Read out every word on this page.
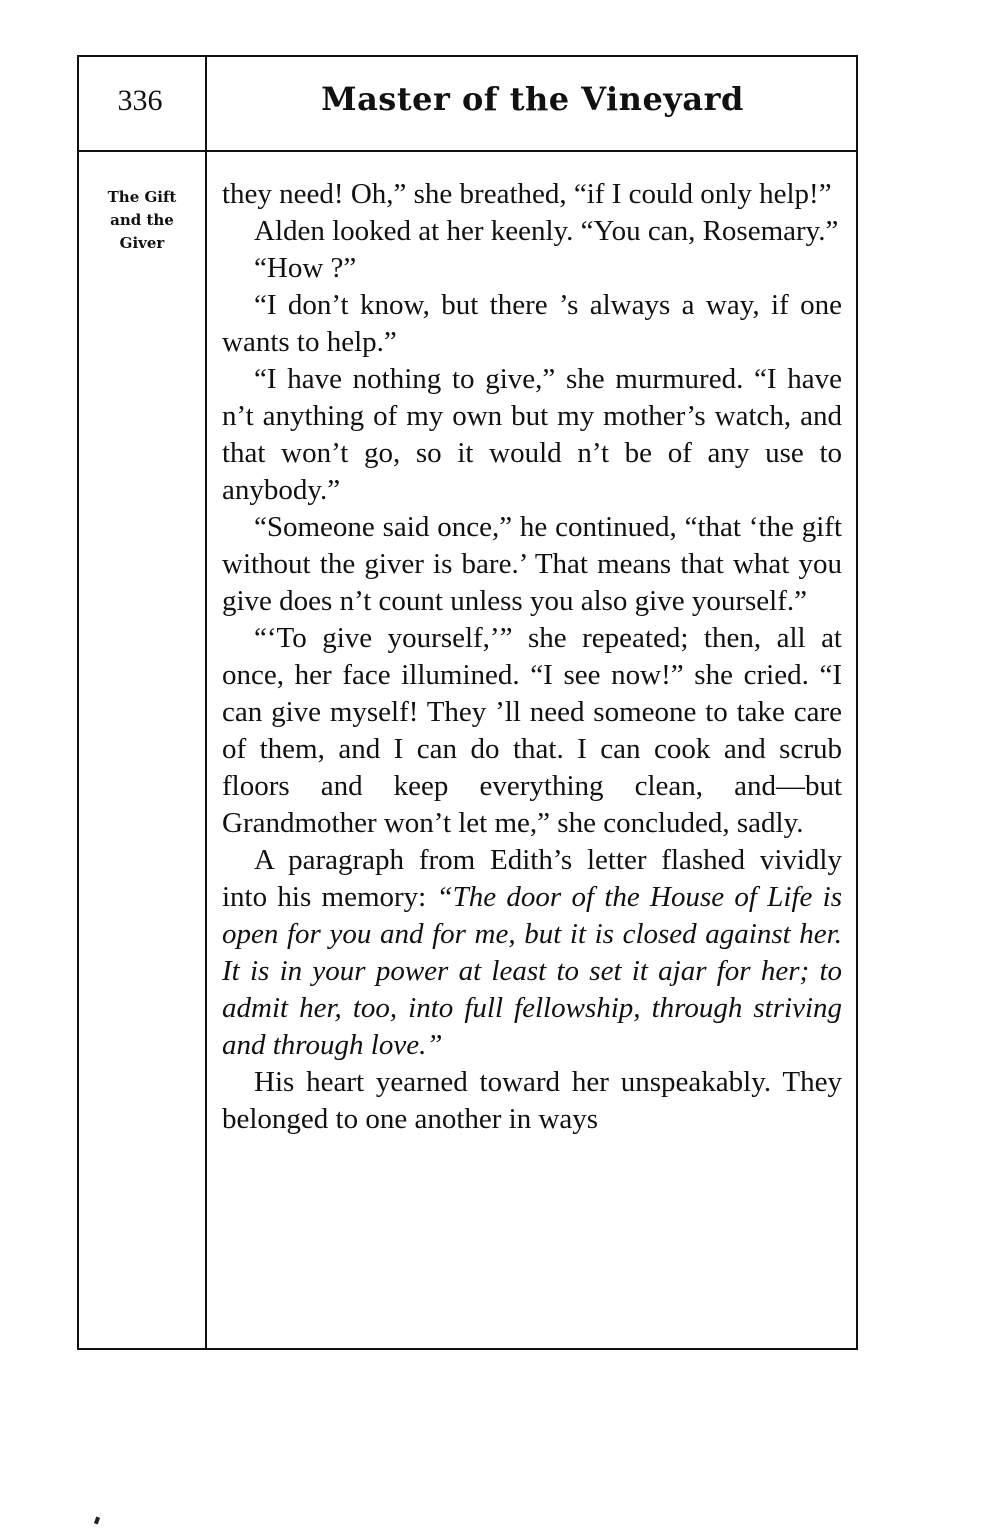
336	Master of the Vineyard
The Gift
and the
Giver

they need! Oh,” she breathed, “if I could only help!”

Alden looked at her keenly. “You can, Rosemary.”

“How ?”

“I don’t know, but there ’s always a way, if one wants to help.”

“I have nothing to give,” she murmured. “I have n’t anything of my own but my mother’s watch, and that won’t go, so it would n’t be of any use to anybody.”

“Someone said once,” he continued, “that ‘the gift without the giver is bare.’ That means that what you give does n’t count unless you also give yourself.”

“‘To give yourself,’” she repeated; then, all at once, her face illumined. “I see now!” she cried. “I can give myself! They ’ll need someone to take care of them, and I can do that. I can cook and scrub floors and keep everything clean, and—but Grandmother won’t let me,” she concluded, sadly.

A paragraph from Edith’s letter flashed vividly into his memory: “The door of the House of Life is open for you and for me, but it is closed against her. It is in your power at least to set it ajar for her; to admit her, too, into full fellowship, through striving and through love.”

His heart yearned toward her unspeakably. They belonged to one another in ways
